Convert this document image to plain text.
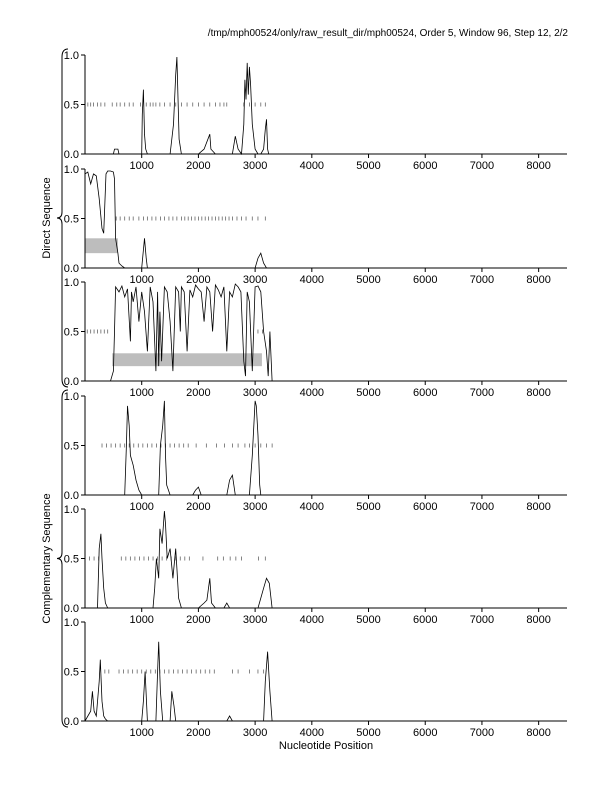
/tmp/mph00524/only/raw_result_dir/mph00524, Order 5, Window 96, Step 12, 2/2
1000	2000	3000	4000	5000	6000	7000	8000
0.0
0.5
1.0
1000	2000	3000	4000	5000	6000	7000	8000
0.0
0.5
1.0
1000	2000	3000	4000	5000	6000	7000	8000
0.0
0.5
1.0
1000	2000	3000	4000	5000	6000	7000	8000
0.0
0.5
1.0
1000	2000	3000	4000	5000	6000	7000	8000
0.0
0.5
1.0
1000	2000	3000	4000	5000	6000	7000	8000
0.0
0.5
1.0
Direct Sequence
Complementary Sequence
Nucleotide Position
